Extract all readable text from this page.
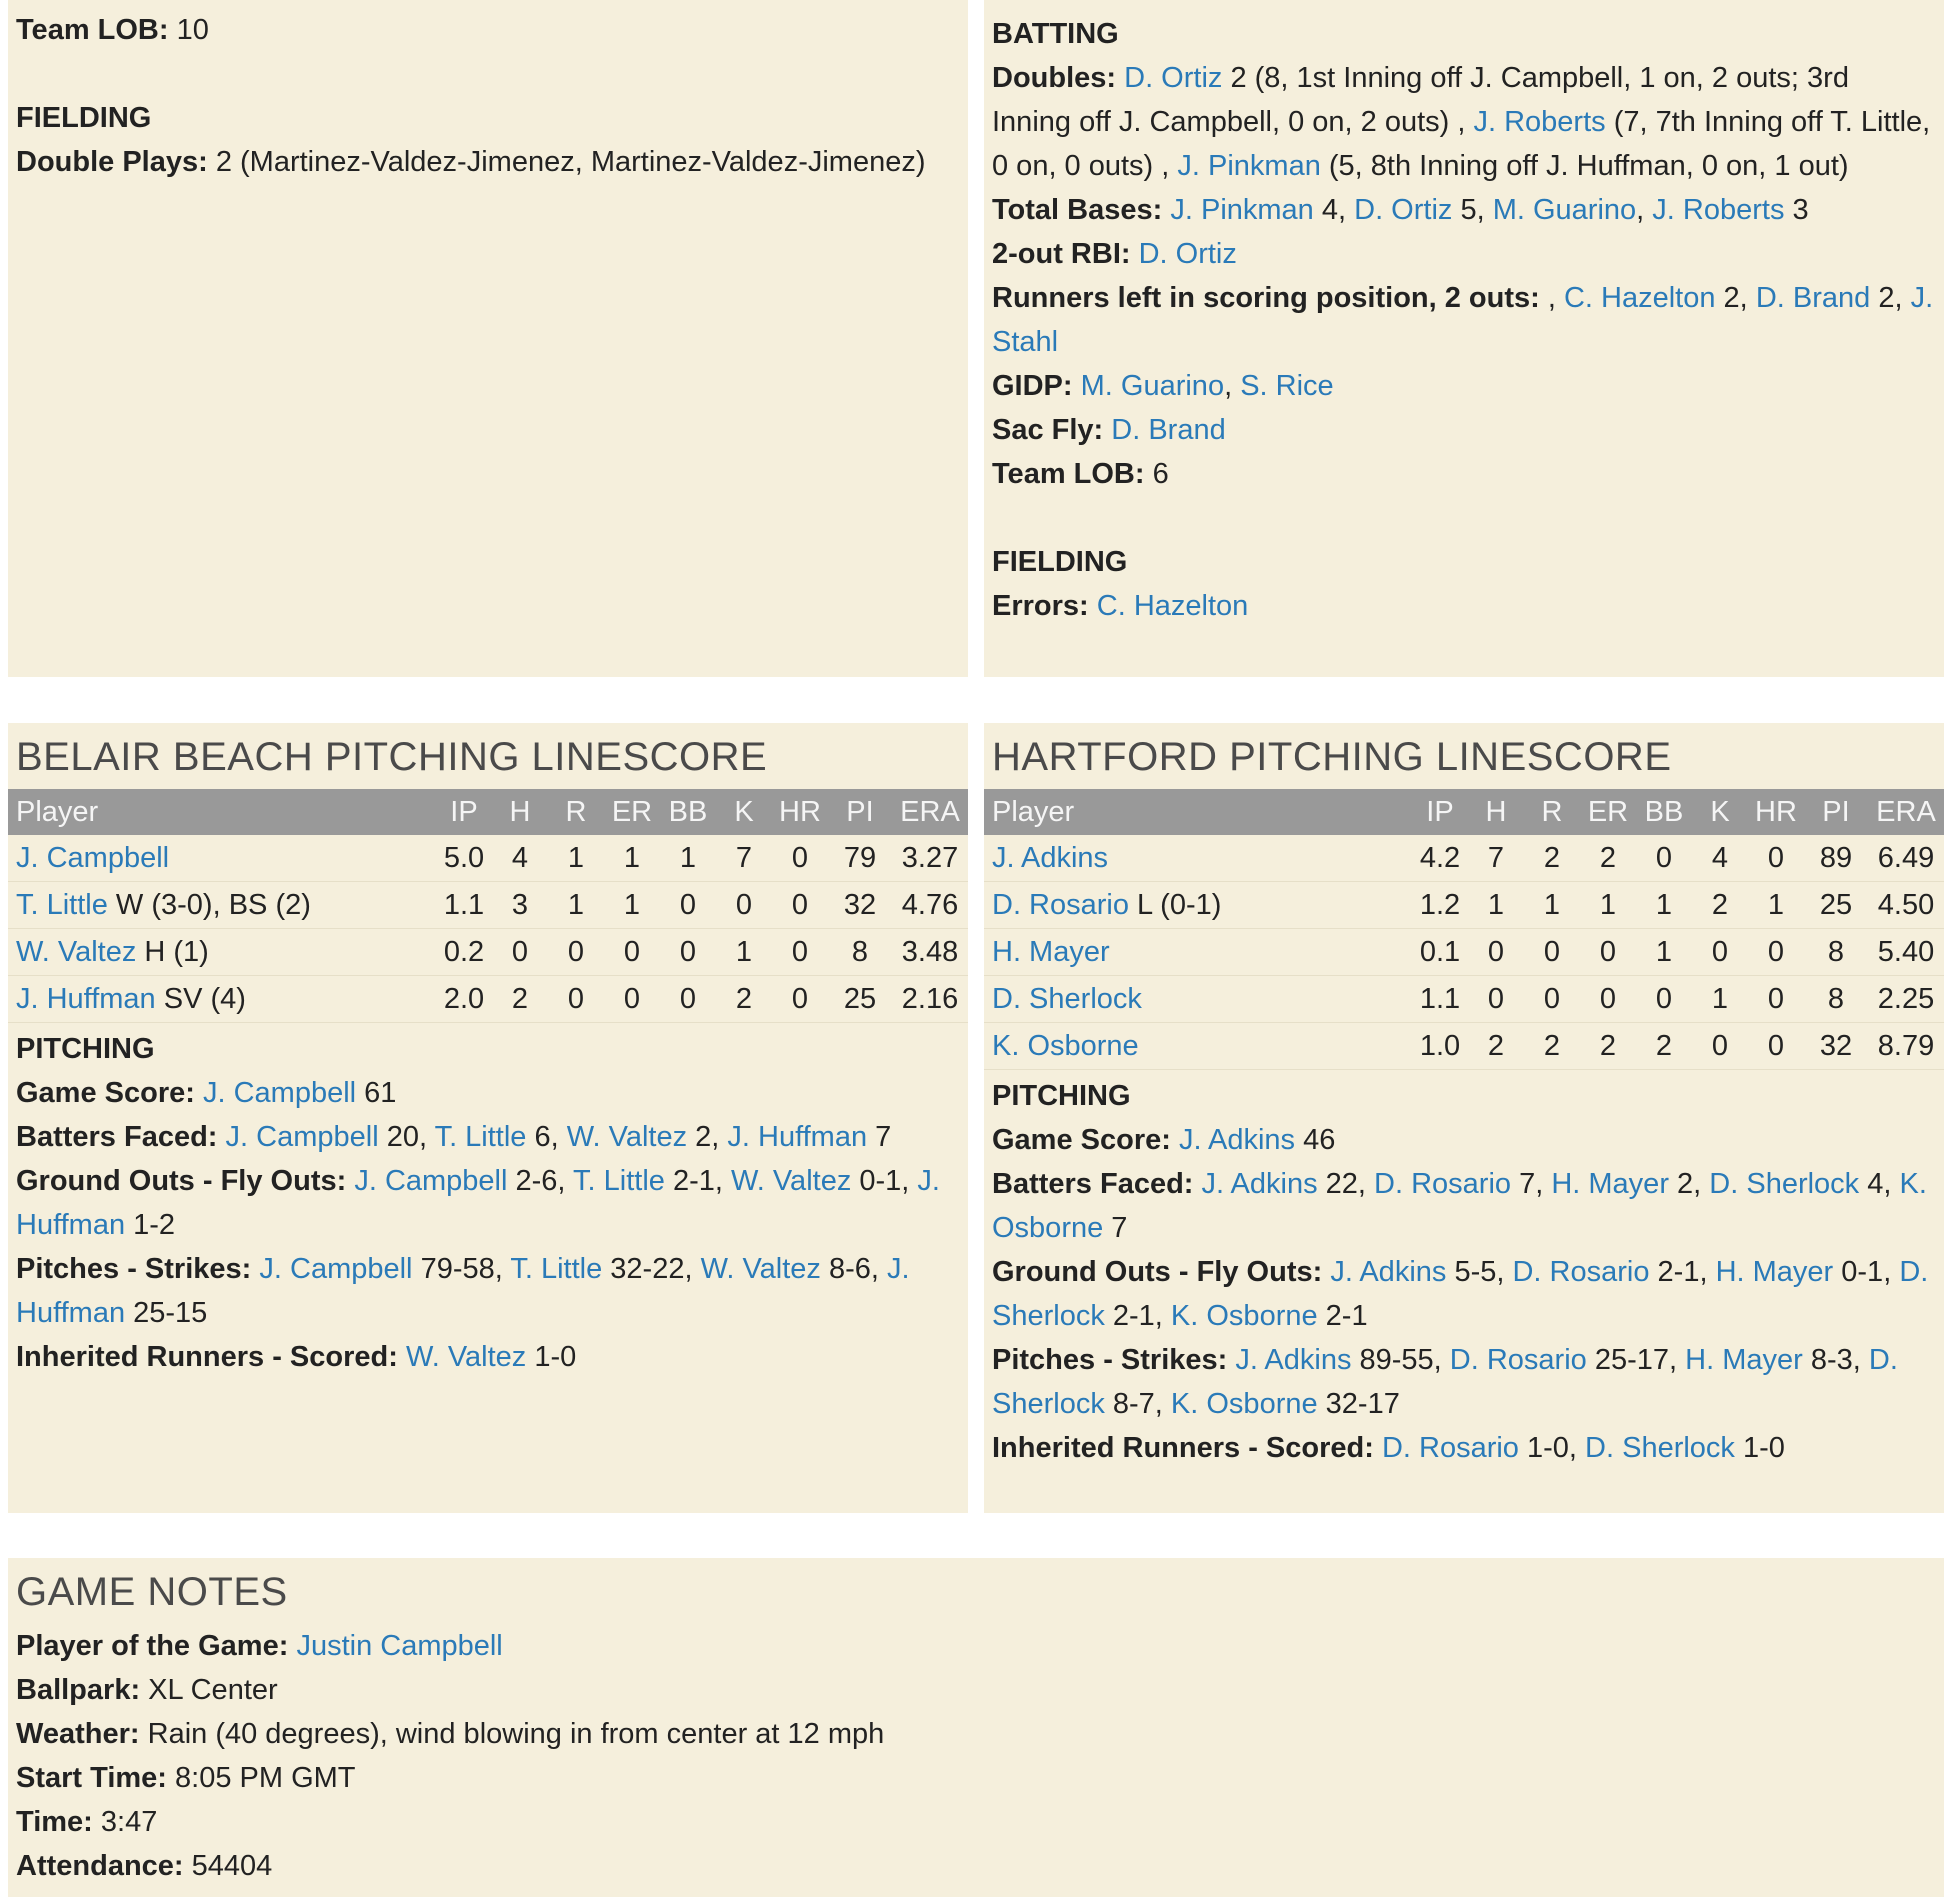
Team LOB: 10

FIELDING

Double Plays: 2 (Martinez-Valdez-Jimenez, Martinez-Valdez-Jimenez)

BATTING

Doubles: D. Ortiz 2 (8, 1st Inning off J. Campbell, 1 on, 2 outs; 3rd Inning off J. Campbell, 0 on, 2 outs) , J. Roberts (7, 7th Inning off T. Little, 0 on, 0 outs) , J. Pinkman (5, 8th Inning off J. Huffman, 0 on, 1 out)

Total Bases: J. Pinkman 4, D. Ortiz 5, M. Guarino, J. Roberts 3

2-out RBI: D. Ortiz

Runners left in scoring position, 2 outs: , C. Hazelton 2, D. Brand 2, J. Stahl

GIDP: M. Guarino, S. Rice

Sac Fly: D. Brand

Team LOB: 6

FIELDING

Errors: C. Hazelton

BELAIR BEACH PITCHING LINESCORE
Player	IP	H	R	ER	BB	K	HR	PI	ERA
J. Campbell	5.0	4	1	1	1	7	0	79	3.27
T. Little W (3-0), BS (2)	1.1	3	1	1	0	0	0	32	4.76
W. Valtez H (1)	0.2	0	0	0	0	1	0	8	3.48
J. Huffman SV (4)	2.0	2	0	0	0	2	0	25	2.16

PITCHING

Game Score: J. Campbell 61

Batters Faced: J. Campbell 20, T. Little 6, W. Valtez 2, J. Huffman 7

Ground Outs - Fly Outs: J. Campbell 2-6, T. Little 2-1, W. Valtez 0-1, J. Huffman 1-2

Pitches - Strikes: J. Campbell 79-58, T. Little 32-22, W. Valtez 8-6, J. Huffman 25-15

Inherited Runners - Scored: W. Valtez 1-0

HARTFORD PITCHING LINESCORE
Player	IP	H	R	ER	BB	K	HR	PI	ERA
J. Adkins	4.2	7	2	2	0	4	0	89	6.49
D. Rosario L (0-1)	1.2	1	1	1	1	2	1	25	4.50
H. Mayer	0.1	0	0	0	1	0	0	8	5.40
D. Sherlock	1.1	0	0	0	0	1	0	8	2.25
K. Osborne	1.0	2	2	2	2	0	0	32	8.79

PITCHING

Game Score: J. Adkins 46

Batters Faced: J. Adkins 22, D. Rosario 7, H. Mayer 2, D. Sherlock 4, K. Osborne 7

Ground Outs - Fly Outs: J. Adkins 5-5, D. Rosario 2-1, H. Mayer 0-1, D. Sherlock 2-1, K. Osborne 2-1

Pitches - Strikes: J. Adkins 89-55, D. Rosario 25-17, H. Mayer 8-3, D. Sherlock 8-7, K. Osborne 32-17

Inherited Runners - Scored: D. Rosario 1-0, D. Sherlock 1-0

GAME NOTES

Player of the Game: Justin Campbell

Ballpark: XL Center

Weather: Rain (40 degrees), wind blowing in from center at 12 mph

Start Time: 8:05 PM GMT

Time: 3:47

Attendance: 54404
